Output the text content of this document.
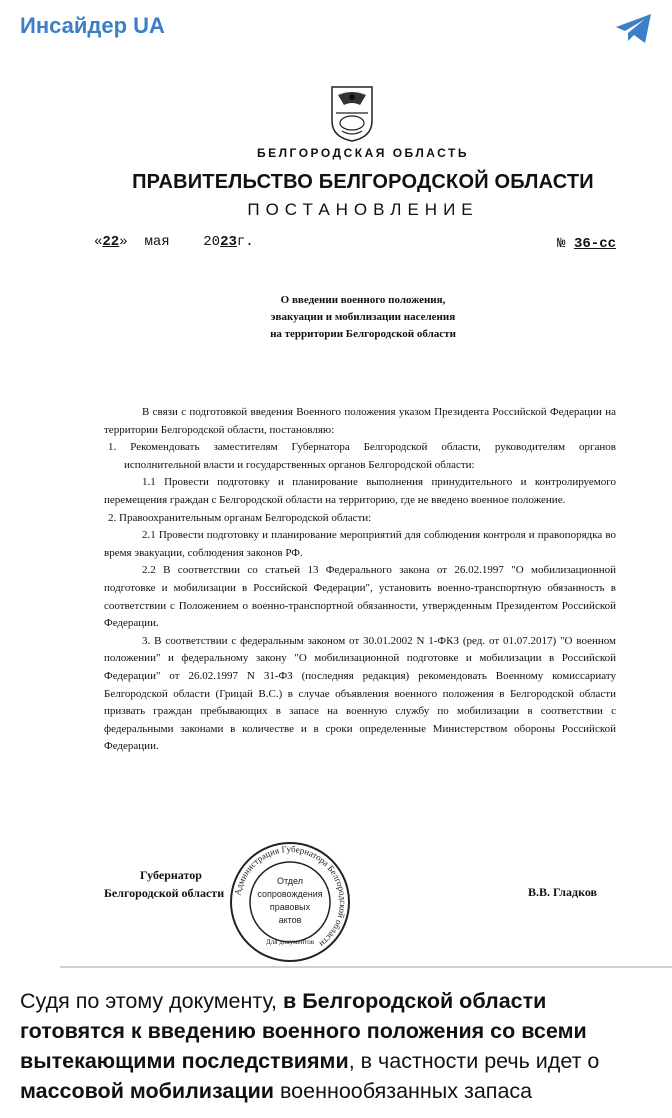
Инсайдер UA
БЕЛГОРОДСКАЯ ОБЛАСТЬ
ПРАВИТЕЛЬСТВО БЕЛГОРОДСКОЙ ОБЛАСТИ
ПОСТАНОВЛЕНИЕ
«22» мая 2023г.	№ 36-сс
О введении военного положения,
эвакуации и мобилизации населения
на территории Белгородской области

В связи с подготовкой введения Военного положения указом Президента Российской Федерации на территории Белгородской области, постановляю:

1. Рекомендовать заместителям Губернатора Белгородской области, руководителям органов исполнительной власти и государственных органов Белгородской области:

1.1 Провести подготовку и планирование выполнения принудительного и контролируемого перемещения граждан с Белгородской области на территорию, где не введено военное положение.

2. Правоохранительным органам Белгородской области:

2.1 Провести подготовку и планирование мероприятий для соблюдения контроля и правопорядка во время эвакуации, соблюдения законов РФ.

2.2 В соответствии со статьей 13 Федерального закона от 26.02.1997 "О мобилизационной подготовке и мобилизации в Российской Федерации", установить военно-транспортную обязанность в соответствии с Положением о военно-транспортной обязанности, утвержденным Президентом Российской Федерации.

3. В соответствии с федеральным законом от 30.01.2002 N 1-ФКЗ (ред. от 01.07.2017) "О военном положении" и федеральному закону "О мобилизационной подготовке и мобилизации в Российской Федерации" от 26.02.1997 N 31-ФЗ (последняя редакция) рекомендовать Военному комиссариату Белгородской области (Грицай В.С.) в случае объявления военного положения в Белгородской области призвать граждан пребывающих в запасе на военную службу по мобилизации в соответствии с федеральными законами в количестве и в сроки определенные Министерством обороны Российской Федерации.

Губернатор
Белгородской области	В.В. Гладков
Администрация Губернатора Белгородской области
Для документов
Отдел
сопровождения
правовых
актов
Судя по этому документу, в Белгородской области готовятся к введению военного положения со всеми вытекающими последствиями, в частности речь идет о массовой мобилизации военнообязанных запаса
